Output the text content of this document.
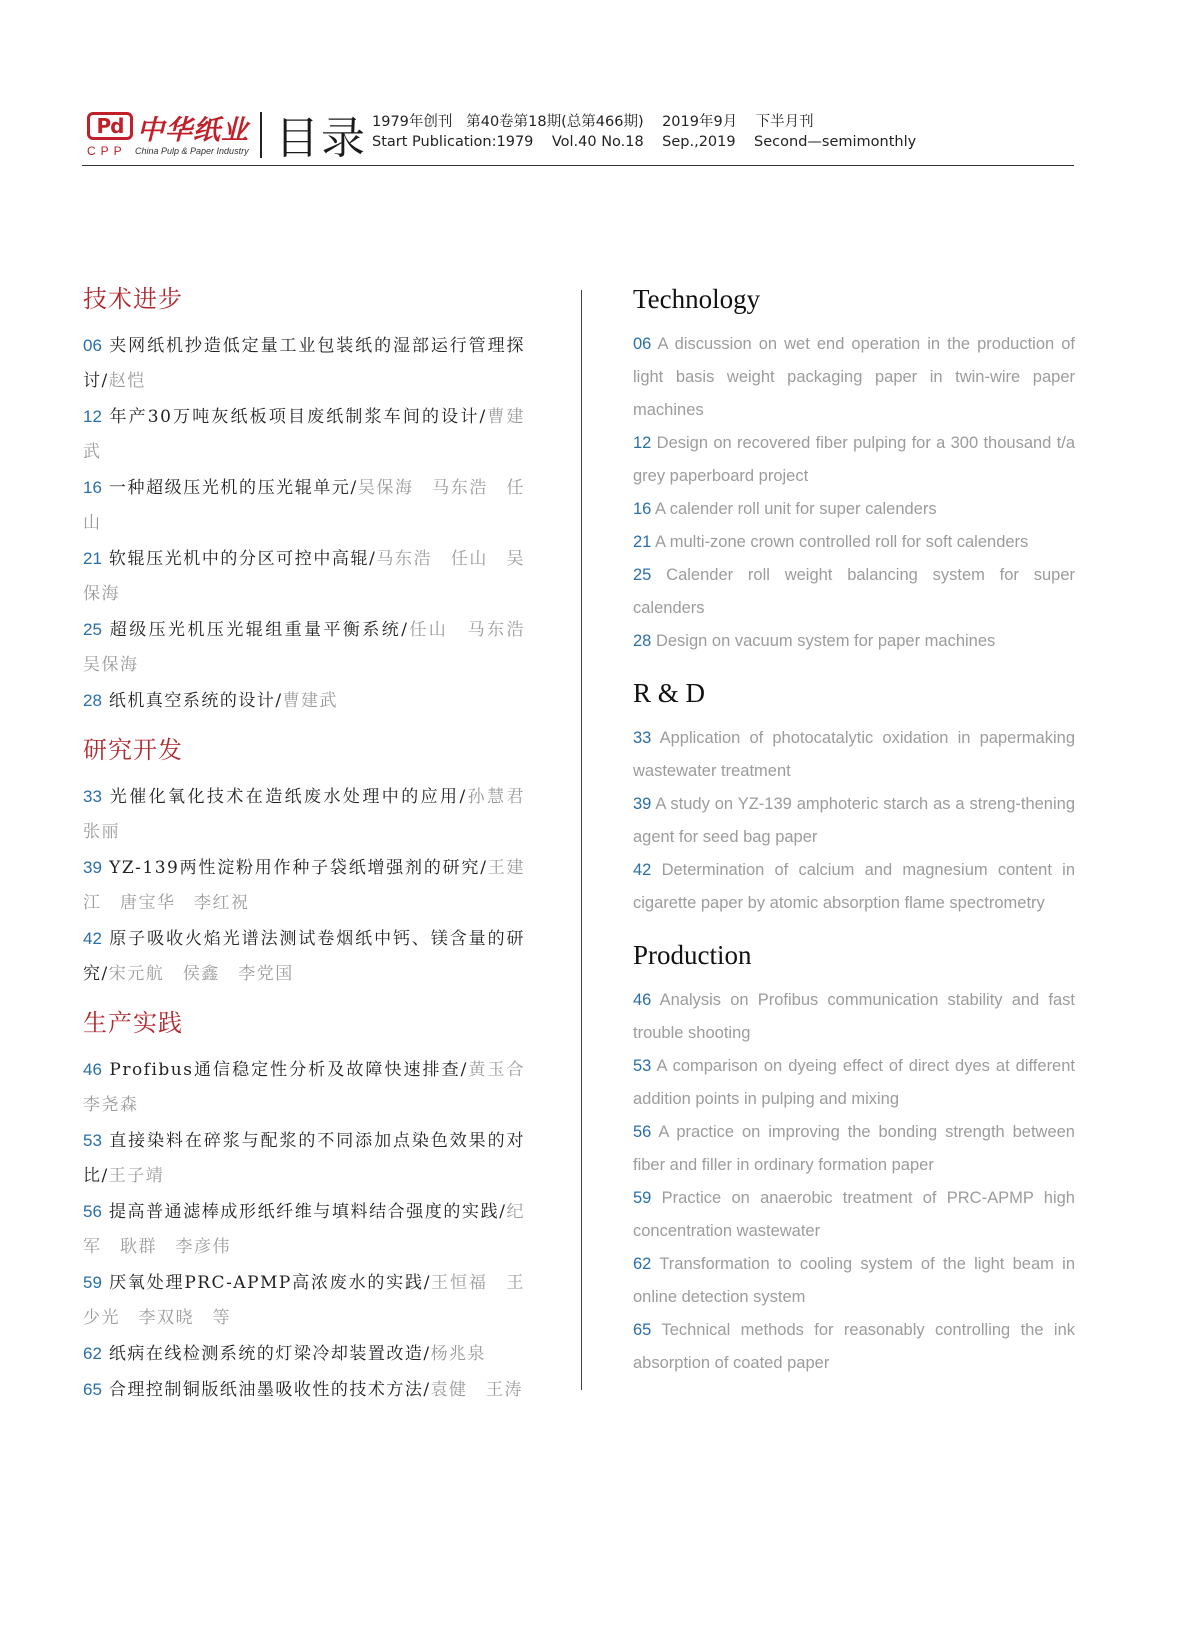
Pd 中华纸业
CPP China Pulp & Paper Industry 目录 1979年创刊 第40卷第18期(总第466期) 2019年9月 下半月刊
Start Publication:1979 Vol.40 No.18 Sep.,2019 Second—semimonthly
技术进步
06 夹网纸机抄造低定量工业包装纸的湿部运行管理探讨/赵恺
12 年产30万吨灰纸板项目废纸制浆车间的设计/曹建武
16 一种超级压光机的压光辊单元/吴保海　马东浩　任山
21 软辊压光机中的分区可控中高辊/马东浩　任山　吴保海
25 超级压光机压光辊组重量平衡系统/任山　马东浩　吴保海
28 纸机真空系统的设计/曹建武
研究开发
33 光催化氧化技术在造纸废水处理中的应用/孙慧君　张丽
39 YZ-139两性淀粉用作种子袋纸增强剂的研究/王建江　唐宝华　李红祝
42 原子吸收火焰光谱法测试卷烟纸中钙、镁含量的研究/宋元航　侯鑫　李党国
生产实践
46 Profibus通信稳定性分析及故障快速排查/黄玉合　李尧森
53 直接染料在碎浆与配浆的不同添加点染色效果的对比/王子靖
56 提高普通滤棒成形纸纤维与填料结合强度的实践/纪军　耿群　李彦伟
59 厌氧处理PRC-APMP高浓废水的实践/王恒福　王少光　李双晓　等
62 纸病在线检测系统的灯梁冷却装置改造/杨兆泉
65 合理控制铜版纸油墨吸收性的技术方法/袁健　王涛
Technology
06 A discussion on wet end operation in the production of light basis weight packaging paper in twin-wire paper machines
12 Design on recovered fiber pulping for a 300 thousand t/a grey paperboard project
16 A calender roll unit for super calenders
21 A multi-zone crown controlled roll for soft calenders
25 Calender roll weight balancing system for super calenders
28 Design on vacuum system for paper machines
R & D
33 Application of photocatalytic oxidation in papermaking wastewater treatment
39 A study on YZ-139 amphoteric starch as a streng-thening agent for seed bag paper
42 Determination of calcium and magnesium content in cigarette paper by atomic absorption flame spectrometry
Production
46 Analysis on Profibus communication stability and fast trouble shooting
53 A comparison on dyeing effect of direct dyes at different addition points in pulping and mixing
56 A practice on improving the bonding strength between fiber and filler in ordinary formation paper
59 Practice on anaerobic treatment of PRC-APMP high concentration wastewater
62 Transformation to cooling system of the light beam in online detection system
65 Technical methods for reasonably controlling the ink absorption of coated paper
